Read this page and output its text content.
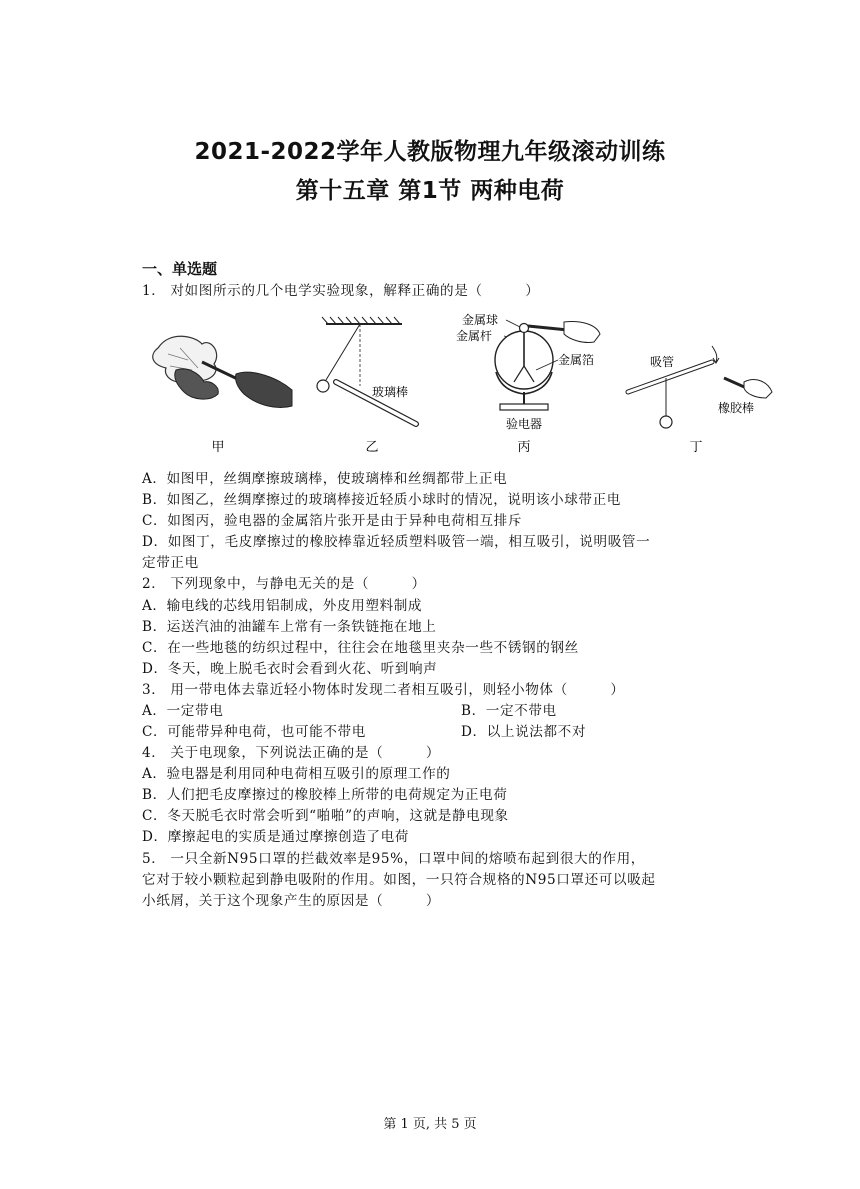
2021-2022学年人教版物理九年级滚动训练
第十五章 第1节 两种电荷
一、单选题
1． 对如图所示的几个电学实验现象，解释正确的是（　　　）
甲
玻璃棒
乙
金属球
金属杆
金属箔
验电器
丙
吸管
橡胶棒
丁
A．如图甲，丝绸摩擦玻璃棒，使玻璃棒和丝绸都带上正电
B．如图乙，丝绸摩擦过的玻璃棒接近轻质小球时的情况，说明该小球带正电
C．如图丙，验电器的金属箔片张开是由于异种电荷相互排斥
D．如图丁，毛皮摩擦过的橡胶棒靠近轻质塑料吸管一端，相互吸引，说明吸管一
定带正电
2． 下列现象中，与静电无关的是（　　　）
A．输电线的芯线用铝制成，外皮用塑料制成
B．运送汽油的油罐车上常有一条铁链拖在地上
C．在一些地毯的纺织过程中，往往会在地毯里夹杂一些不锈钢的钢丝
D．冬天，晚上脱毛衣时会看到火花、听到响声
3． 用一带电体去靠近轻小物体时发现二者相互吸引，则轻小物体（　　　）
A．一定带电	B．一定不带电
C．可能带异种电荷，也可能不带电	D．以上说法都不对
4． 关于电现象，下列说法正确的是（　　　）
A．验电器是利用同种电荷相互吸引的原理工作的
B．人们把毛皮摩擦过的橡胶棒上所带的电荷规定为正电荷
C．冬天脱毛衣时常会听到“啪啪”的声响，这就是静电现象
D．摩擦起电的实质是通过摩擦创造了电荷
5． 一只全新N95口罩的拦截效率是95%，口罩中间的熔喷布起到很大的作用，
它对于较小颗粒起到静电吸附的作用。如图，一只符合规格的N95口罩还可以吸起
小纸屑，关于这个现象产生的原因是（　　　）
第 1 页, 共 5 页
